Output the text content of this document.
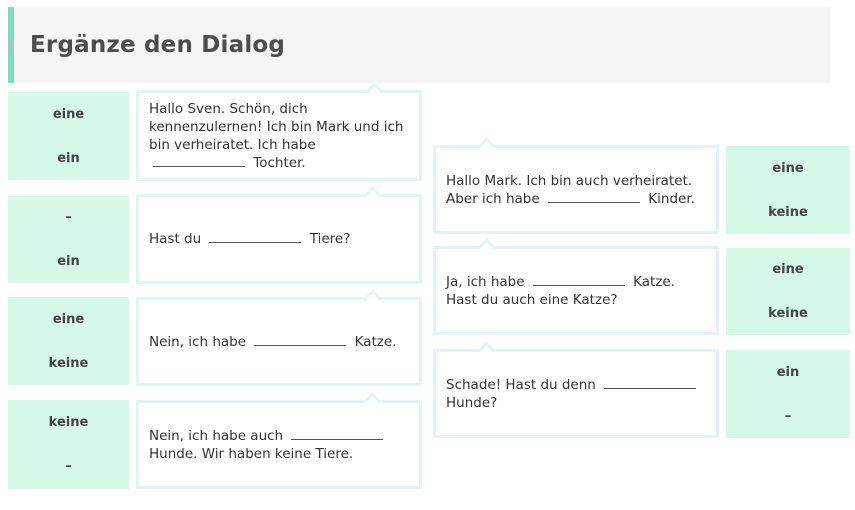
Ergänze den Dialog
eine
ein
Hallo Sven. Schön, dich kennenzulernen! Ich bin Mark und ich bin verheiratet. Ich habe  Tochter.
–
ein
Hast du	Tiere?
eine
keine
Nein, ich habe	Katze.
keine
–
Nein, ich habe auch  Hunde. Wir haben keine Tiere.
Hallo Mark. Ich bin auch verheiratet. Aber ich habe	Kinder.
eine
keine
Ja, ich habe	Katze. Hast du auch eine Katze?
eine
keine
Schade! Hast du denn  Hunde?
ein
–
